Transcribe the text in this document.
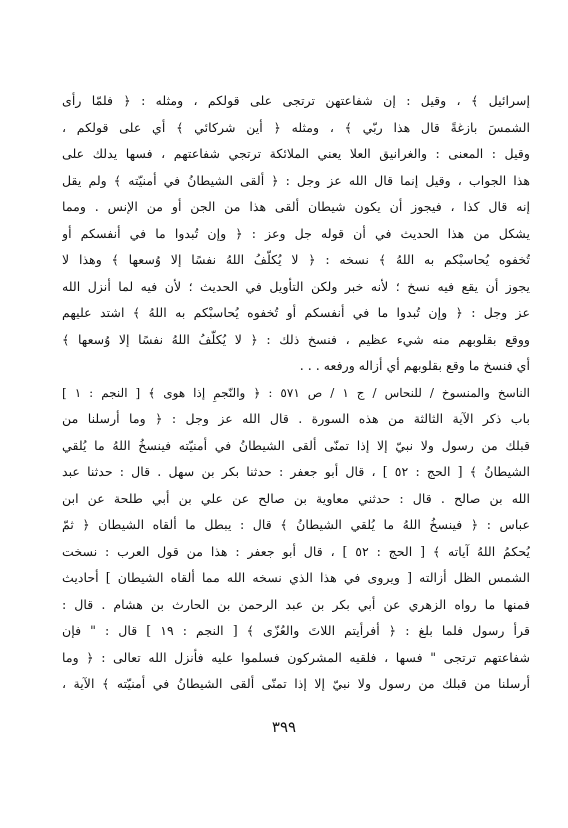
إسرائيل ﴾ ، وقيل : إن شفاعتهن ترتجى على قولكم ، ومثله : ﴿ فلمّا رأى
الشمسَ بازغةً قال هذا ربّي ﴾ ، ومثله ﴿ أين شركائي ﴾ أي على قولكم ،
وقيل : المعنى : والغرانيق العلا يعني الملائكة ترتجي شفاعتهم ، فسها يدلك على
هذا الجواب ، وقيل إنما قال الله عز وجل : ﴿ ألقى الشيطانُ في أمنيّته ﴾ ولم يقل
إنه قال كذا ، فيجوز أن يكون شيطان ألقى هذا من الجن أو من الإنس . ومما
يشكل من هذا الحديث في أن قوله جل وعز : ﴿ وإن تُبدوا ما في أنفسكم أو
تُخفوه يُحاسبْكم به اللهُ ﴾ نسخه : ﴿ لا يُكلّفُ اللهُ نفسًا إلا وُسعها ﴾ وهذا لا
يجوز أن يقع فيه نسخ ؛ لأنه خبر ولكن التأويل في الحديث ؛ لأن فيه لما أنزل الله
عز وجل : ﴿ وإن تُبدوا ما في أنفسكم أو تُخفوه يُحاسبْكم به اللهُ ﴾ اشتد عليهم
ووقع بقلوبهم منه شيء عظيم ، فنسخ ذلك : ﴿ لا يُكلّفُ اللهُ نفسًا إلا وُسعها ﴾
أي فنسخ ما وقع بقلوبهم أي أزاله ورفعه . . .
الناسخ والمنسوخ / للنحاس / ج ١ / ص ٥٧١ : ﴿ والنّجمِ إذا هوى ﴾ [ النجم : ١ ]
باب ذكر الآية الثالثة من هذه السورة . قال الله عز وجل : ﴿ وما أرسلنا من
قبلك من رسول ولا نبيّ إلا إذا تمنّى ألقى الشيطانُ في أمنيّته فينسخُ اللهُ ما يُلقي
الشيطانُ ﴾ [ الحج : ٥٢ ] ، قال أبو جعفر : حدثنا بكر بن سهل . قال : حدثنا عبد
الله بن صالح . قال : حدثني معاوية بن صالح عن علي بن أبي طلحة عن ابن
عباس : ﴿ فينسخُ اللهُ ما يُلقي الشيطانُ ﴾ قال : يبطل ما ألقاه الشيطان ﴿ ثمّ
يُحكمُ اللهُ آياته ﴾ [ الحج : ٥٢ ] ، قال أبو جعفر : هذا من قول العرب : نسخت
الشمس الظل أزالته [ ويروى في هذا الذي نسخه الله مما ألقاه الشيطان ] أحاديث
فمنها ما رواه الزهري عن أبي بكر بن عبد الرحمن بن الحارث بن هشام . قال :
قرأ رسول فلما بلغ : ﴿ أفرأيتم اللاتَ والعُزّى ﴾ [ النجم : ١٩ ] قال : " فإن
شفاعتهم ترتجى " فسها ، فلقيه المشركون فسلموا عليه فأنزل الله تعالى : ﴿ وما
أرسلنا من قبلك من رسول ولا نبيّ إلا إذا تمنّى ألقى الشيطانُ في أمنيّته ﴾ الآية ،
٣٩٩
